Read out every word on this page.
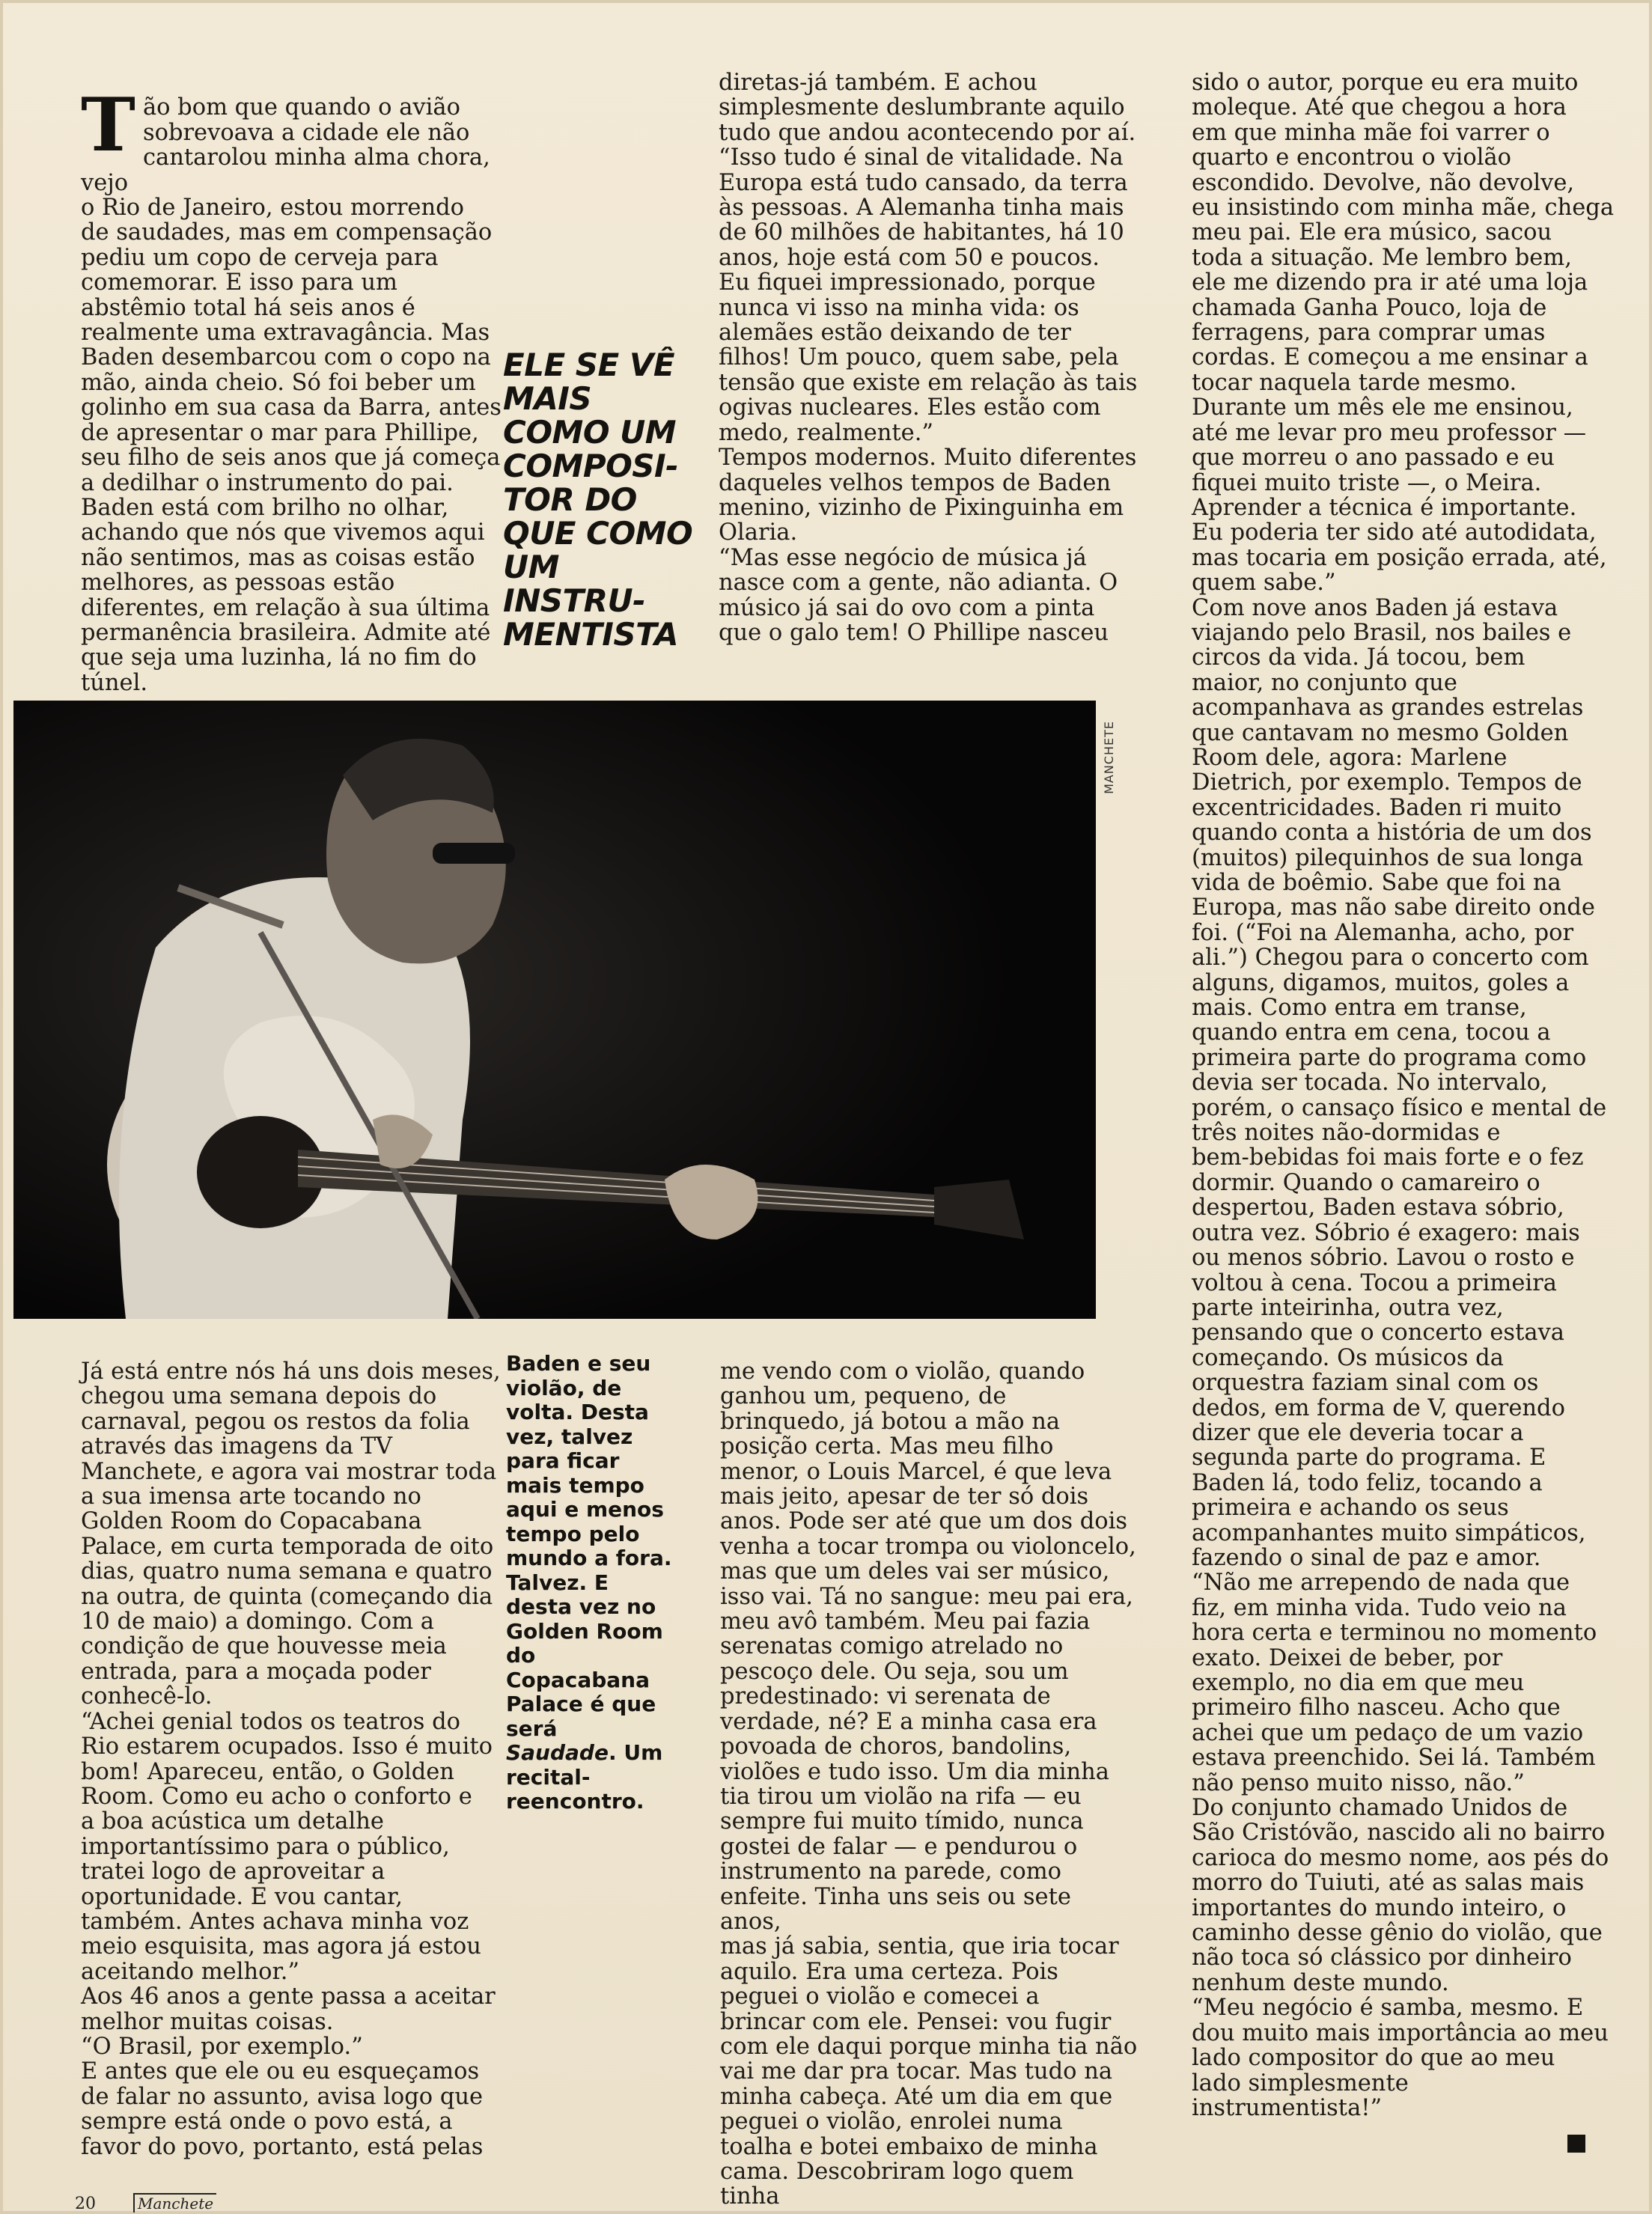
Tão bom que quando o avião
sobrevoava a cidade ele não
cantarolou minha alma chora, vejo
o Rio de Janeiro, estou morrendo
de saudades, mas em compensação
pediu um copo de cerveja para
comemorar. E isso para um
abstêmio total há seis anos é
realmente uma extravagância. Mas
Baden desembarcou com o copo na
mão, ainda cheio. Só foi beber um
golinho em sua casa da Barra, antes
de apresentar o mar para Phillipe,
seu filho de seis anos que já começa
a dedilhar o instrumento do pai.
Baden está com brilho no olhar,
achando que nós que vivemos aqui
não sentimos, mas as coisas estão
melhores, as pessoas estão
diferentes, em relação à sua última
permanência brasileira. Admite até
que seja uma luzinha, lá no fim do
túnel.

ELE SE VÊ
MAIS
COMO UM
COMPOSI-
TOR DO
QUE COMO
UM
INSTRU-
MENTISTA
diretas-já também. E achou
simplesmente deslumbrante aquilo
tudo que andou acontecendo por aí.
“Isso tudo é sinal de vitalidade. Na
Europa está tudo cansado, da terra
às pessoas. A Alemanha tinha mais
de 60 milhões de habitantes, há 10
anos, hoje está com 50 e poucos.
Eu fiquei impressionado, porque
nunca vi isso na minha vida: os
alemães estão deixando de ter
filhos! Um pouco, quem sabe, pela
tensão que existe em relação às tais
ogivas nucleares. Eles estão com
medo, realmente.”
Tempos modernos. Muito diferentes
daqueles velhos tempos de Baden
menino, vizinho de Pixinguinha em
Olaria.
“Mas esse negócio de música já
nasce com a gente, não adianta. O
músico já sai do ovo com a pinta
que o galo tem! O Phillipe nasceu
sido o autor, porque eu era muito
moleque. Até que chegou a hora
em que minha mãe foi varrer o
quarto e encontrou o violão
escondido. Devolve, não devolve,
eu insistindo com minha mãe, chega
meu pai. Ele era músico, sacou
toda a situação. Me lembro bem,
ele me dizendo pra ir até uma loja
chamada Ganha Pouco, loja de
ferragens, para comprar umas
cordas. E começou a me ensinar a
tocar naquela tarde mesmo.
Durante um mês ele me ensinou,
até me levar pro meu professor —
que morreu o ano passado e eu
fiquei muito triste —, o Meira.
Aprender a técnica é importante.
Eu poderia ter sido até autodidata,
mas tocaria em posição errada, até,
quem sabe.”
Com nove anos Baden já estava
viajando pelo Brasil, nos bailes e
circos da vida. Já tocou, bem
maior, no conjunto que
acompanhava as grandes estrelas
que cantavam no mesmo Golden
Room dele, agora: Marlene
Dietrich, por exemplo. Tempos de
excentricidades. Baden ri muito
quando conta a história de um dos
(muitos) pilequinhos de sua longa
vida de boêmio. Sabe que foi na
Europa, mas não sabe direito onde
foi. (“Foi na Alemanha, acho, por
ali.”) Chegou para o concerto com
alguns, digamos, muitos, goles a
mais. Como entra em transe,
quando entra em cena, tocou a
primeira parte do programa como
devia ser tocada. No intervalo,
porém, o cansaço físico e mental de
três noites não-dormidas e
bem-bebidas foi mais forte e o fez
dormir. Quando o camareiro o
despertou, Baden estava sóbrio,
outra vez. Sóbrio é exagero: mais
ou menos sóbrio. Lavou o rosto e
voltou à cena. Tocou a primeira
parte inteirinha, outra vez,
pensando que o concerto estava
começando. Os músicos da
orquestra faziam sinal com os
dedos, em forma de V, querendo
dizer que ele deveria tocar a
segunda parte do programa. E
Baden lá, todo feliz, tocando a
primeira e achando os seus
acompanhantes muito simpáticos,
fazendo o sinal de paz e amor.
“Não me arrependo de nada que
fiz, em minha vida. Tudo veio na
hora certa e terminou no momento
exato. Deixei de beber, por
exemplo, no dia em que meu
primeiro filho nasceu. Acho que
achei que um pedaço de um vazio
estava preenchido. Sei lá. Também
não penso muito nisso, não.”
Do conjunto chamado Unidos de
São Cristóvão, nascido ali no bairro
carioca do mesmo nome, aos pés do
morro do Tuiuti, até as salas mais
importantes do mundo inteiro, o
caminho desse gênio do violão, que
não toca só clássico por dinheiro
nenhum deste mundo.
“Meu negócio é samba, mesmo. E
dou muito mais importância ao meu
lado compositor do que ao meu
lado simplesmente
instrumentista!”
MANCHETE
Já está entre nós há uns dois meses,
chegou uma semana depois do
carnaval, pegou os restos da folia
através das imagens da TV
Manchete, e agora vai mostrar toda
a sua imensa arte tocando no
Golden Room do Copacabana
Palace, em curta temporada de oito
dias, quatro numa semana e quatro
na outra, de quinta (começando dia
10 de maio) a domingo. Com a
condição de que houvesse meia
entrada, para a moçada poder
conhecê-lo.
“Achei genial todos os teatros do
Rio estarem ocupados. Isso é muito
bom! Apareceu, então, o Golden
Room. Como eu acho o conforto e
a boa acústica um detalhe
importantíssimo para o público,
tratei logo de aproveitar a
oportunidade. E vou cantar,
também. Antes achava minha voz
meio esquisita, mas agora já estou
aceitando melhor.”
Aos 46 anos a gente passa a aceitar
melhor muitas coisas.
“O Brasil, por exemplo.”
E antes que ele ou eu esqueçamos
de falar no assunto, avisa logo que
sempre está onde o povo está, a
favor do povo, portanto, está pelas
Baden e seu
violão, de
volta. Desta
vez, talvez
para ficar
mais tempo
aqui e menos
tempo pelo
mundo a fora.
Talvez. E
desta vez no
Golden Room
do
Copacabana
Palace é que
será
Saudade. Um
recital-
reencontro.
me vendo com o violão, quando
ganhou um, pequeno, de
brinquedo, já botou a mão na
posição certa. Mas meu filho
menor, o Louis Marcel, é que leva
mais jeito, apesar de ter só dois
anos. Pode ser até que um dos dois
venha a tocar trompa ou violoncelo,
mas que um deles vai ser músico,
isso vai. Tá no sangue: meu pai era,
meu avô também. Meu pai fazia
serenatas comigo atrelado no
pescoço dele. Ou seja, sou um
predestinado: vi serenata de
verdade, né? E a minha casa era
povoada de choros, bandolins,
violões e tudo isso. Um dia minha
tia tirou um violão na rifa — eu
sempre fui muito tímido, nunca
gostei de falar — e pendurou o
instrumento na parede, como
enfeite. Tinha uns seis ou sete anos,
mas já sabia, sentia, que iria tocar
aquilo. Era uma certeza. Pois
peguei o violão e comecei a
brincar com ele. Pensei: vou fugir
com ele daqui porque minha tia não
vai me dar pra tocar. Mas tudo na
minha cabeça. Até um dia em que
peguei o violão, enrolei numa
toalha e botei embaixo de minha
cama. Descobriram logo quem tinha
20	Manchete
